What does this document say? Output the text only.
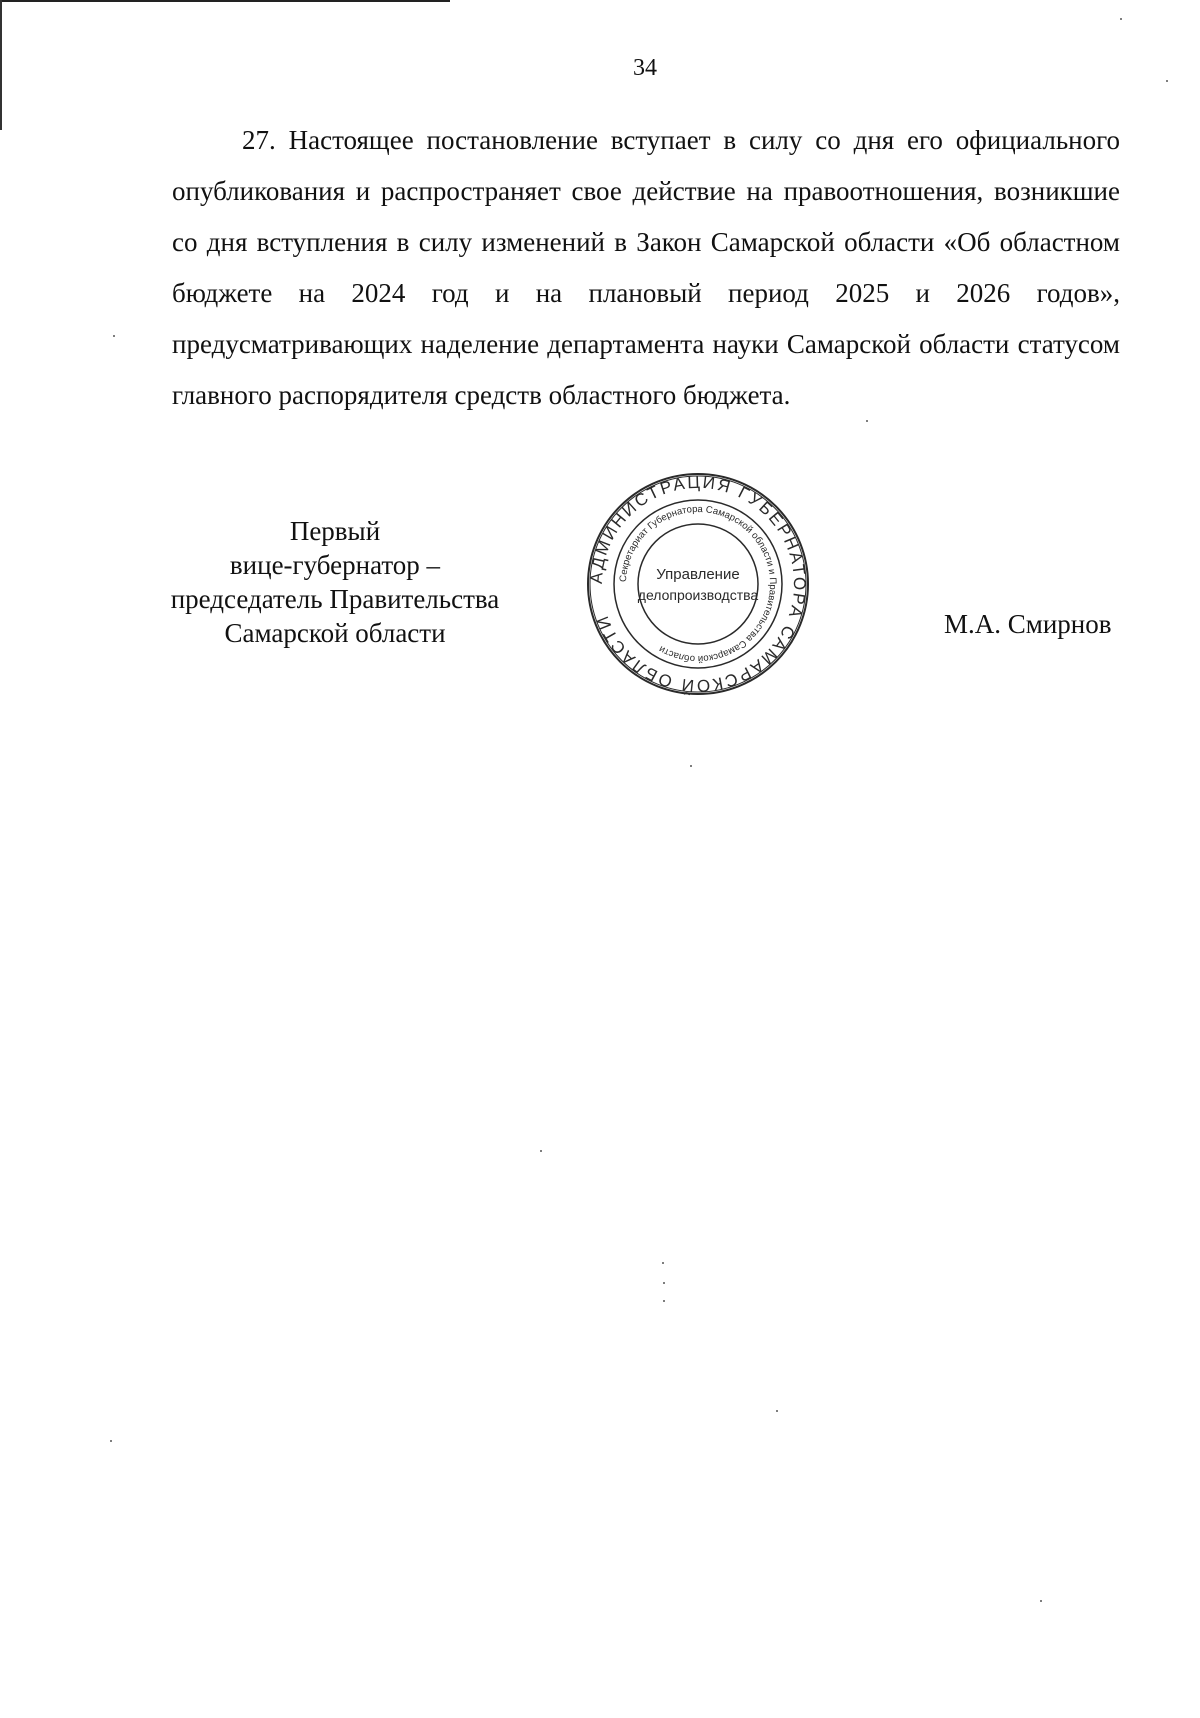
34

27. Настоящее постановление вступает в силу со дня его официального опубликования и распространяет свое действие на правоотношения, возникшие со дня вступления в силу изменений в Закон Самарской области «Об областном бюджете на 2024 год и на плановый период 2025 и 2026 годов», предусматривающих наделение департамента науки Самарской области статусом главного распорядителя средств областного бюджета.

Первый
вице-губернатор –
председатель Правительства
Самарской области
АДМИНИСТРАЦИЯ ГУБЕРНАТОРА САМАРСКОЙ ОБЛАСТИ
Секретариат Губернатора Самарской области и Правительства Самарской области
Управление
делопроизводства
М.А. Смирнов
